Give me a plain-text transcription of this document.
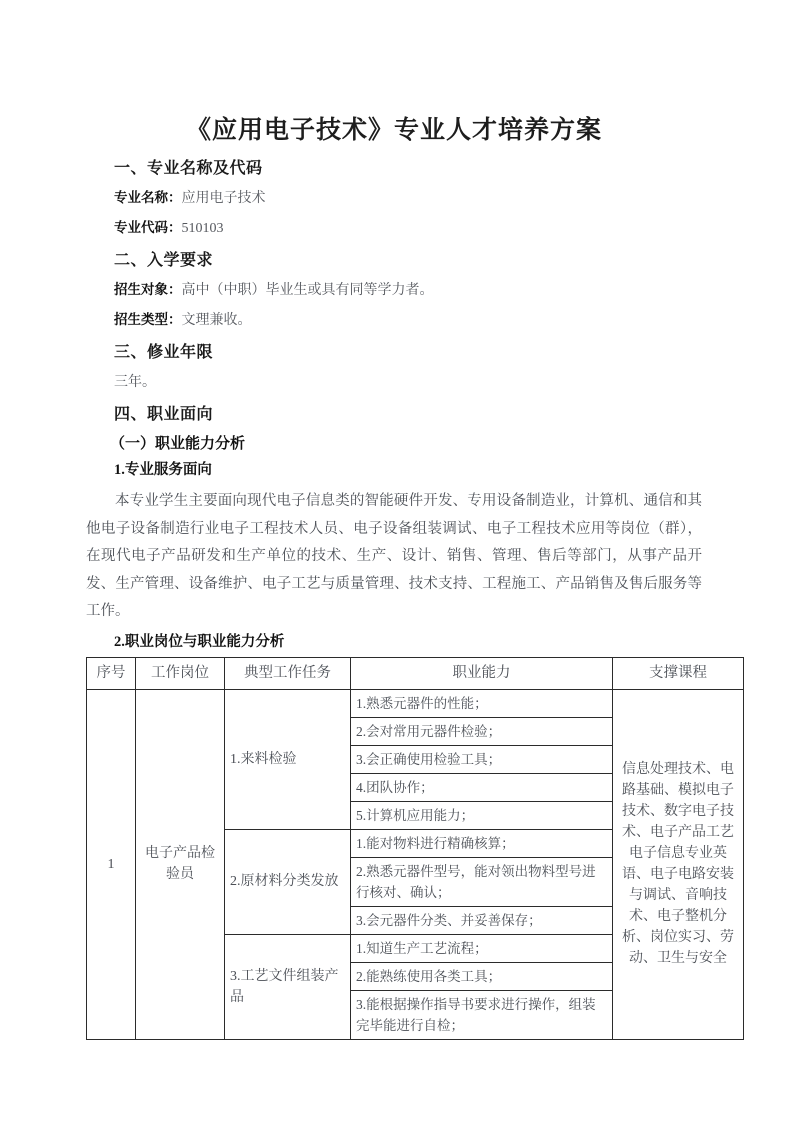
《应用电子技术》专业人才培养方案
一、专业名称及代码

专业名称：应用电子技术

专业代码：510103

二、入学要求

招生对象：高中（中职）毕业生或具有同等学力者。

招生类型：文理兼收。

三、修业年限

三年。

四、职业面向
（一）职业能力分析
1.专业服务面向

本专业学生主要面向现代电子信息类的智能硬件开发、专用设备制造业，计算机、通信和其他电子设备制造行业电子工程技术人员、电子设备组装调试、电子工程技术应用等岗位（群），在现代电子产品研发和生产单位的技术、生产、设计、销售、管理、售后等部门，从事产品开发、生产管理、设备维护、电子工艺与质量管理、技术支持、工程施工、产品销售及售后服务等工作。

2.职业岗位与职业能力分析
序号	工作岗位	典型工作任务	职业能力	支撑课程
1	电子产品检验员	1.来料检验	1.熟悉元器件的性能；	信息处理技术、电路基础、模拟电子技术、数字电子技术、电子产品工艺电子信息专业英语、电子电路安装与调试、音响技术、电子整机分析、岗位实习、劳动、卫生与安全
			2.会对常用元器件检验；	
			3.会正确使用检验工具；	
			4.团队协作；	
			5.计算机应用能力；	
		2.原材料分类发放	1.能对物料进行精确核算；	
			2.熟悉元器件型号，能对领出物料型号进行核对、确认；	
			3.会元器件分类、并妥善保存；	
		3.工艺文件组装产品	1.知道生产工艺流程；	
			2.能熟练使用各类工具；	
			3.能根据操作指导书要求进行操作，组装完毕能进行自检；	
